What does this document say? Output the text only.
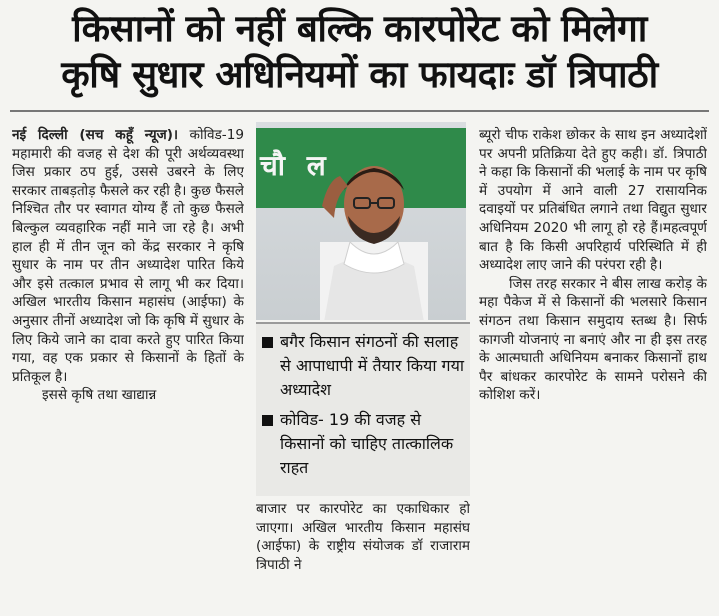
किसानों को नहीं बल्कि कारपोरेट को मिलेगा
कृषि सुधार अधिनियमों का फायदाः डॉ त्रिपाठी

नई दिल्ली (सच कहूँ न्यूज)। कोविड-19 महामारी की वजह से देश की पूरी अर्थव्यवस्था जिस प्रकार ठप हुई, उससे उबरने के लिए सरकार ताबड़तोड़ फैसले कर रही है। कुछ फैसले निश्चित तौर पर स्वागत योग्य हैं तो कुछ फैसले बिल्कुल व्यवहारिक नहीं माने जा रहे है। अभी हाल ही में तीन जून को केंद्र सरकार ने कृषि सुधार के नाम पर तीन अध्यादेश पारित किये और इसे तत्काल प्रभाव से लागू भी कर दिया। अखिल भारतीय किसान महासंघ (आईफा) के अनुसार तीनों अध्यादेश जो कि कृषि में सुधार के लिए किये जाने का दावा करते हुए पारित किया गया, वह एक प्रकार से किसानों के हितों के प्रतिकूल है।

इससे कृषि तथा खाद्यान्न

चौ ल
बगैर किसान संगठनों की सलाह से आपाधापी में तैयार किया गया अध्यादेश
कोविड- 19 की वजह से किसानों को चाहिए तात्कालिक राहत

बाजार पर कारपोरेट का एकाधिकार हो जाएगा। अखिल भारतीय किसान महासंघ (आईफा) के राष्ट्रीय संयोजक डॉ राजाराम त्रिपाठी ने

ब्यूरो चीफ राकेश छोकर के साथ इन अध्यादेशों पर अपनी प्रतिक्रिया देते हुए कही। डॉ. त्रिपाठी ने कहा कि किसानों की भलाई के नाम पर कृषि में उपयोग में आने वाली 27 रासायनिक दवाइयों पर प्रतिबंधित लगाने तथा विद्युत सुधार अधिनियम 2020 भी लागू हो रहे हैं।महत्वपूर्ण बात है कि किसी अपरिहार्य परिस्थिति में ही अध्यादेश लाए जाने की परंपरा रही है।

जिस तरह सरकार ने बीस लाख करोड़ के महा पैकेज में से किसानों की भलसारे किसान संगठन तथा किसान समुदाय स्तब्ध है। सिर्फ कागजी योजनाएं ना बनाएं और ना ही इस तरह के आत्मघाती अधिनियम बनाकर किसानों हाथ पैर बांधकर कारपोरेट के सामने परोसने की कोशिश करें।
